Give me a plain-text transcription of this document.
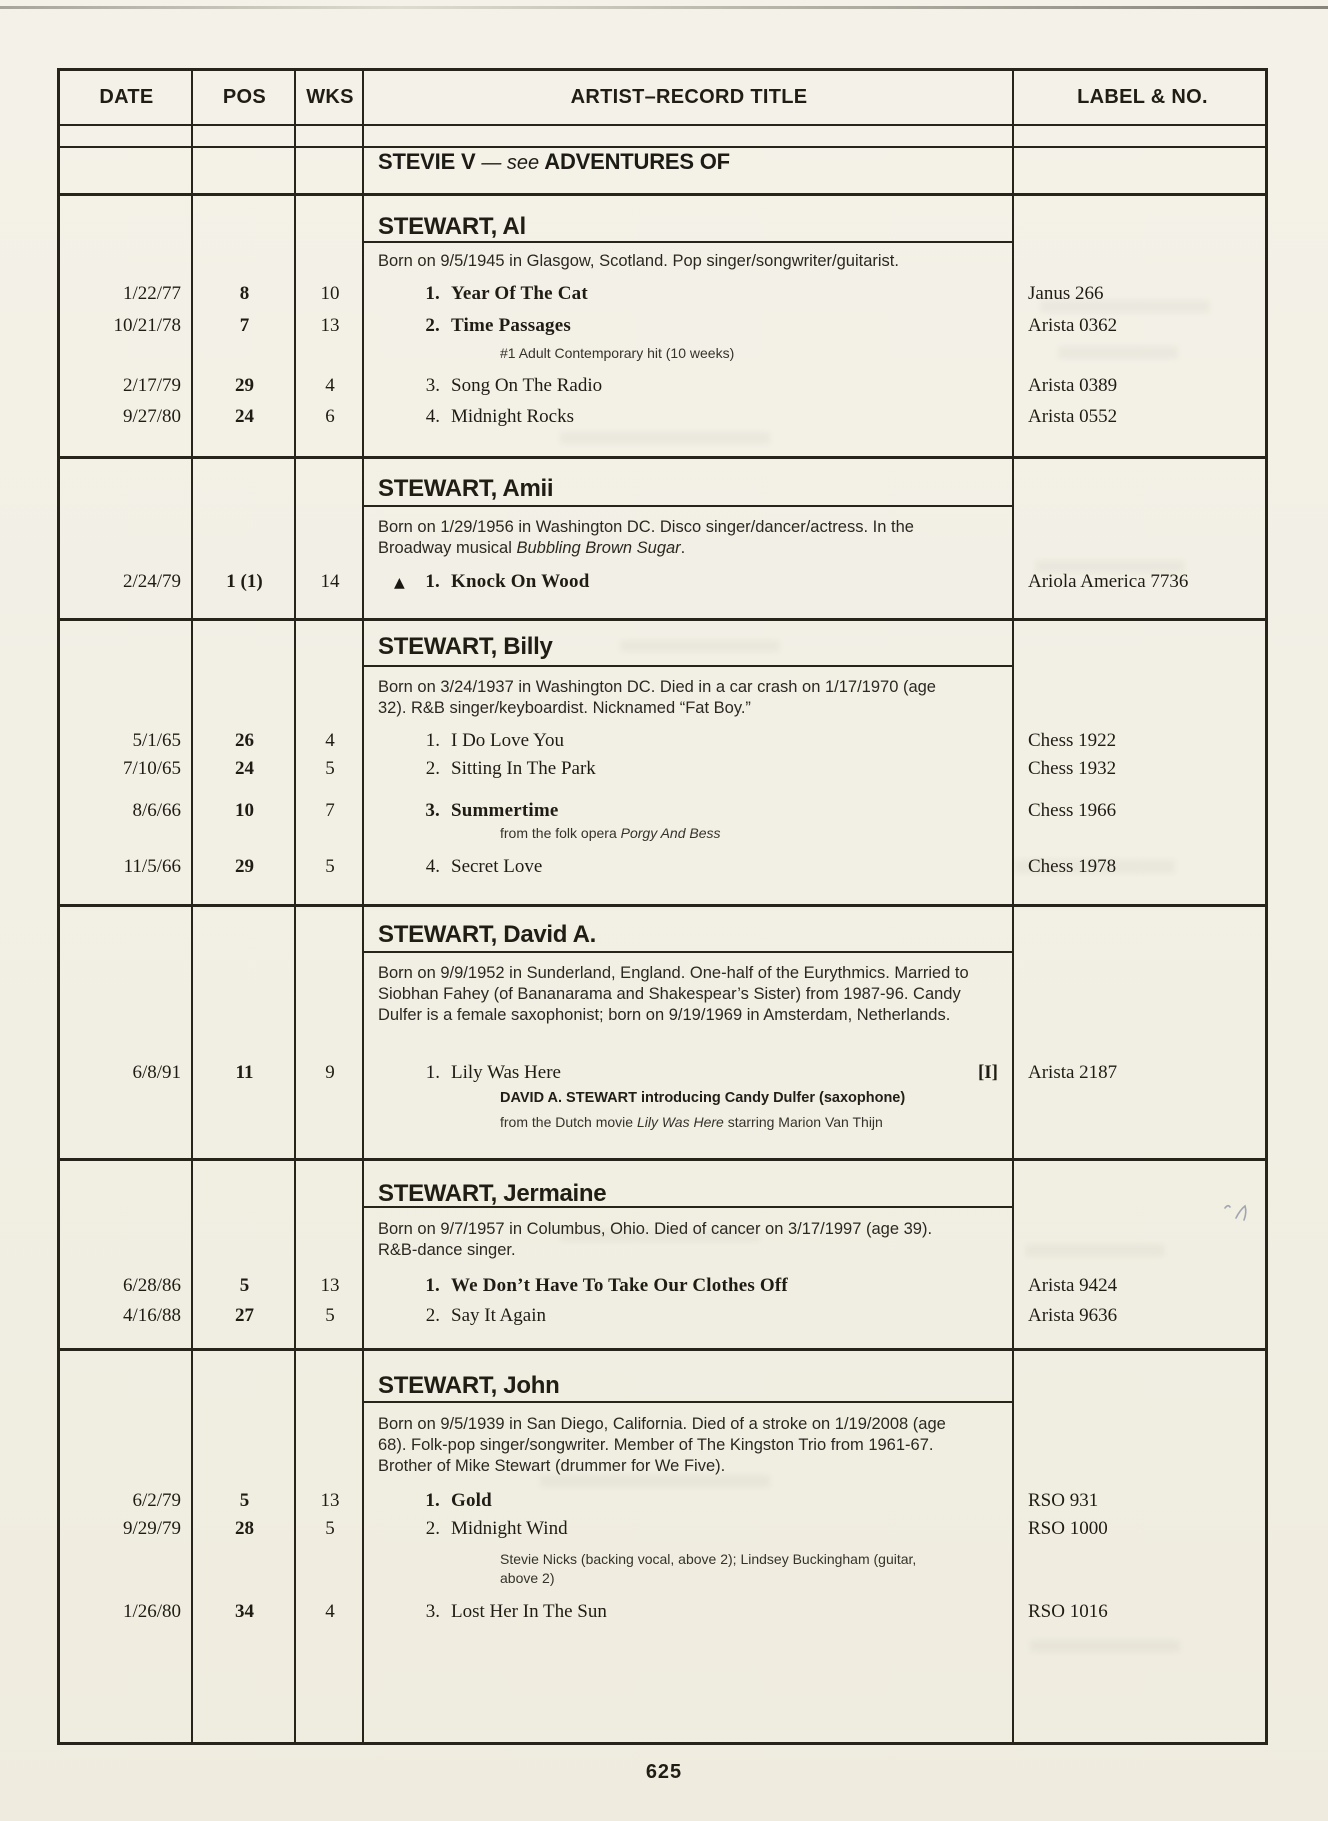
DATE	POS	WKS	ARTIST–RECORD TITLE	LABEL & NO.
STEVIE V — see ADVENTURES OF
STEWART, Al
Born on 9/5/1945 in Glasgow, Scotland. Pop singer/songwriter/guitarist.
1/22/77	8	10	1. Year Of The Cat	Janus 266
10/21/78	7	13	2. Time Passages	Arista 0362
#1 Adult Contemporary hit (10 weeks)
2/17/79	29	4	3. Song On The Radio	Arista 0389
9/27/80	24	6	4. Midnight Rocks	Arista 0552
STEWART, Amii
Born on 1/29/1956 in Washington DC. Disco singer/dancer/actress. In the Broadway musical Bubbling Brown Sugar.
2/24/79	1 (1)	14	▲ 1. Knock On Wood	Ariola America 7736
STEWART, Billy
Born on 3/24/1937 in Washington DC. Died in a car crash on 1/17/1970 (age 32). R&B singer/keyboardist. Nicknamed “Fat Boy.”
5/1/65	26	4	1. I Do Love You	Chess 1922
7/10/65	24	5	2. Sitting In The Park	Chess 1932
8/6/66	10	7	3. Summertime	Chess 1966
from the folk opera Porgy And Bess
11/5/66	29	5	4. Secret Love	Chess 1978
STEWART, David A.
Born on 9/9/1952 in Sunderland, England. One-half of the Eurythmics. Married to Siobhan Fahey (of Bananarama and Shakespear’s Sister) from 1987-96. Candy Dulfer is a female saxophonist; born on 9/19/1969 in Amsterdam, Netherlands.
6/8/91	11	9	1. Lily Was Here	[I]	Arista 2187
DAVID A. STEWART introducing Candy Dulfer (saxophone)
from the Dutch movie Lily Was Here starring Marion Van Thijn
STEWART, Jermaine
Born on 9/7/1957 in Columbus, Ohio. Died of cancer on 3/17/1997 (age 39). R&B-dance singer.
6/28/86	5	13	1. We Don’t Have To Take Our Clothes Off	Arista 9424
4/16/88	27	5	2. Say It Again	Arista 9636
STEWART, John
Born on 9/5/1939 in San Diego, California. Died of a stroke on 1/19/2008 (age 68). Folk-pop singer/songwriter. Member of The Kingston Trio from 1961-67. Brother of Mike Stewart (drummer for We Five).
6/2/79	5	13	1. Gold	RSO 931
9/29/79	28	5	2. Midnight Wind	RSO 1000
Stevie Nicks (backing vocal, above 2); Lindsey Buckingham (guitar, above 2)
1/26/80	34	4	3. Lost Her In The Sun	RSO 1016
625
